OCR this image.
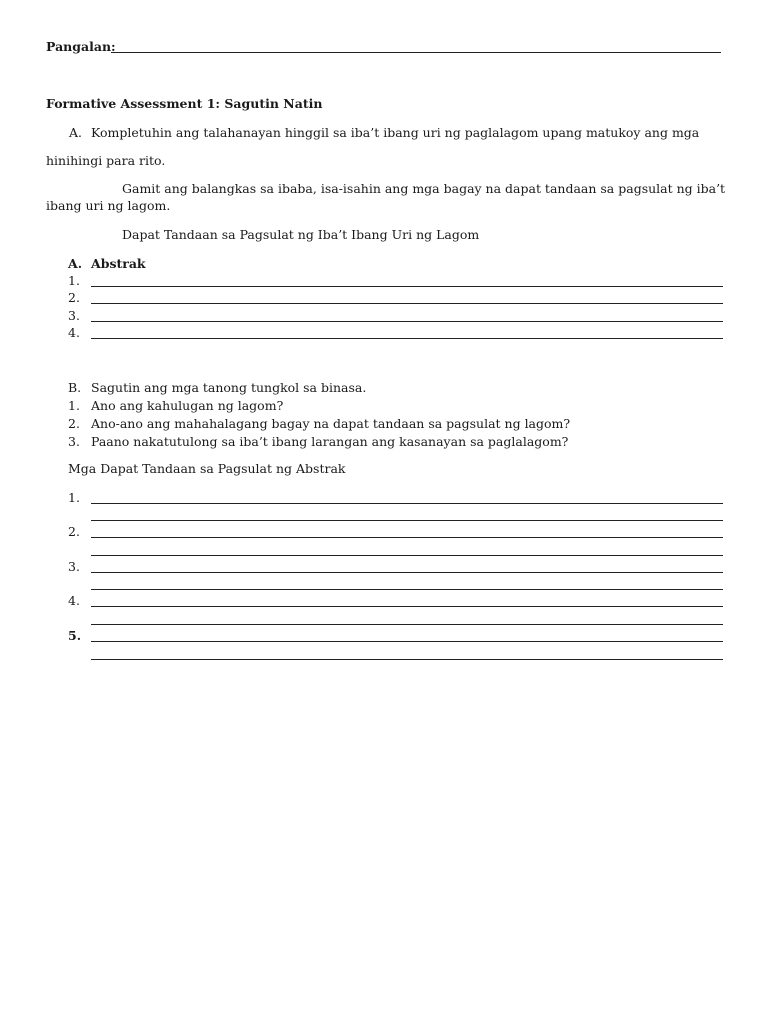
Pangalan:
Formative Assessment 1: Sagutin Natin
A. Kompletuhin ang talahanayan hinggil sa iba’t ibang uri ng paglalagom upang matukoy ang mga
hinihingi para rito.
Gamit ang balangkas sa ibaba, isa-isahin ang mga bagay na dapat tandaan sa pagsulat ng iba’t
ibang uri ng lagom.
Dapat Tandaan sa Pagsulat ng Iba’t Ibang Uri ng Lagom
A. Abstrak
1.
2.
3.
4.
B. Sagutin ang mga tanong tungkol sa binasa.
1. Ano ang kahulugan ng lagom?
2. Ano-ano ang mahahalagang bagay na dapat tandaan sa pagsulat ng lagom?
3. Paano nakatutulong sa iba’t ibang larangan ang kasanayan sa paglalagom?
Mga Dapat Tandaan sa Pagsulat ng Abstrak
1.
2.
3.
4.
5.
